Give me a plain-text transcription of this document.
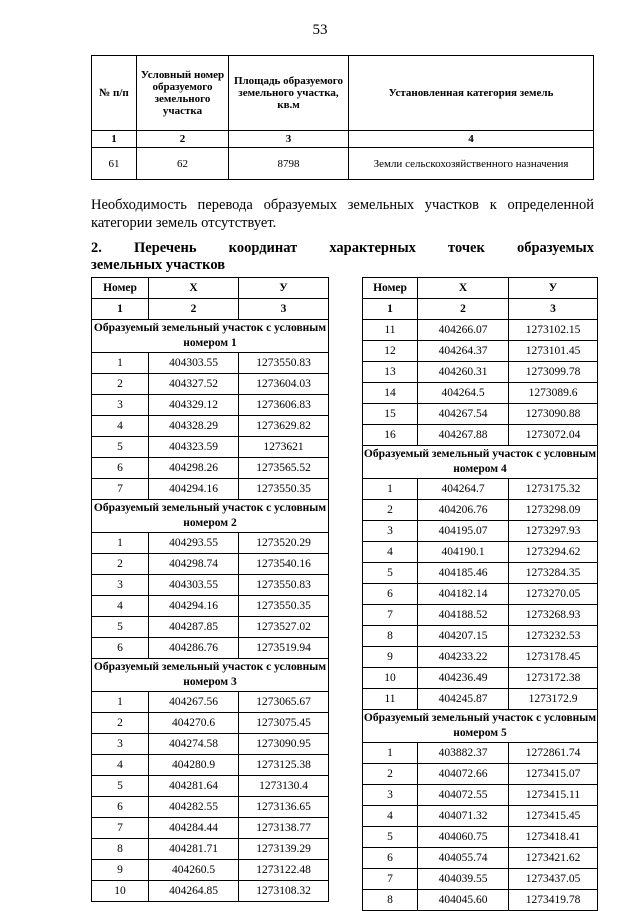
53
№ п/п	Условный номер образуемого земельного участка	Площадь образуемого земельного участка, кв.м	Установленная категория земель
1	2	3	4
61	62	8798	Земли сельскохозяйственного назначения
Необходимость перевода образуемых земельных участков к определенной категории земель отсутствует.
2. Перечень координат характерных точек образуемых
земельных участков
Номер	X	У
1	2	3
Образуемый земельный участок с условным номером 1		
1	404303.55	1273550.83
2	404327.52	1273604.03
3	404329.12	1273606.83
4	404328.29	1273629.82
5	404323.59	1273621
6	404298.26	1273565.52
7	404294.16	1273550.35
Образуемый земельный участок с условным номером 2		
1	404293.55	1273520.29
2	404298.74	1273540.16
3	404303.55	1273550.83
4	404294.16	1273550.35
5	404287.85	1273527.02
6	404286.76	1273519.94
Образуемый земельный участок с условным номером 3		
1	404267.56	1273065.67
2	404270.6	1273075.45
3	404274.58	1273090.95
4	404280.9	1273125.38
5	404281.64	1273130.4
6	404282.55	1273136.65
7	404284.44	1273138.77
8	404281.71	1273139.29
9	404260.5	1273122.48
10	404264.85	1273108.32
Номер	X	У
1	2	3
11	404266.07	1273102.15
12	404264.37	1273101.45
13	404260.31	1273099.78
14	404264.5	1273089.6
15	404267.54	1273090.88
16	404267.88	1273072.04
Образуемый земельный участок с условным номером 4		
1	404264.7	1273175.32
2	404206.76	1273298.09
3	404195.07	1273297.93
4	404190.1	1273294.62
5	404185.46	1273284.35
6	404182.14	1273270.05
7	404188.52	1273268.93
8	404207.15	1273232.53
9	404233.22	1273178.45
10	404236.49	1273172.38
11	404245.87	1273172.9
Образуемый земельный участок с условным номером 5		
1	403882.37	1272861.74
2	404072.66	1273415.07
3	404072.55	1273415.11
4	404071.32	1273415.45
5	404060.75	1273418.41
6	404055.74	1273421.62
7	404039.55	1273437.05
8	404045.60	1273419.78
